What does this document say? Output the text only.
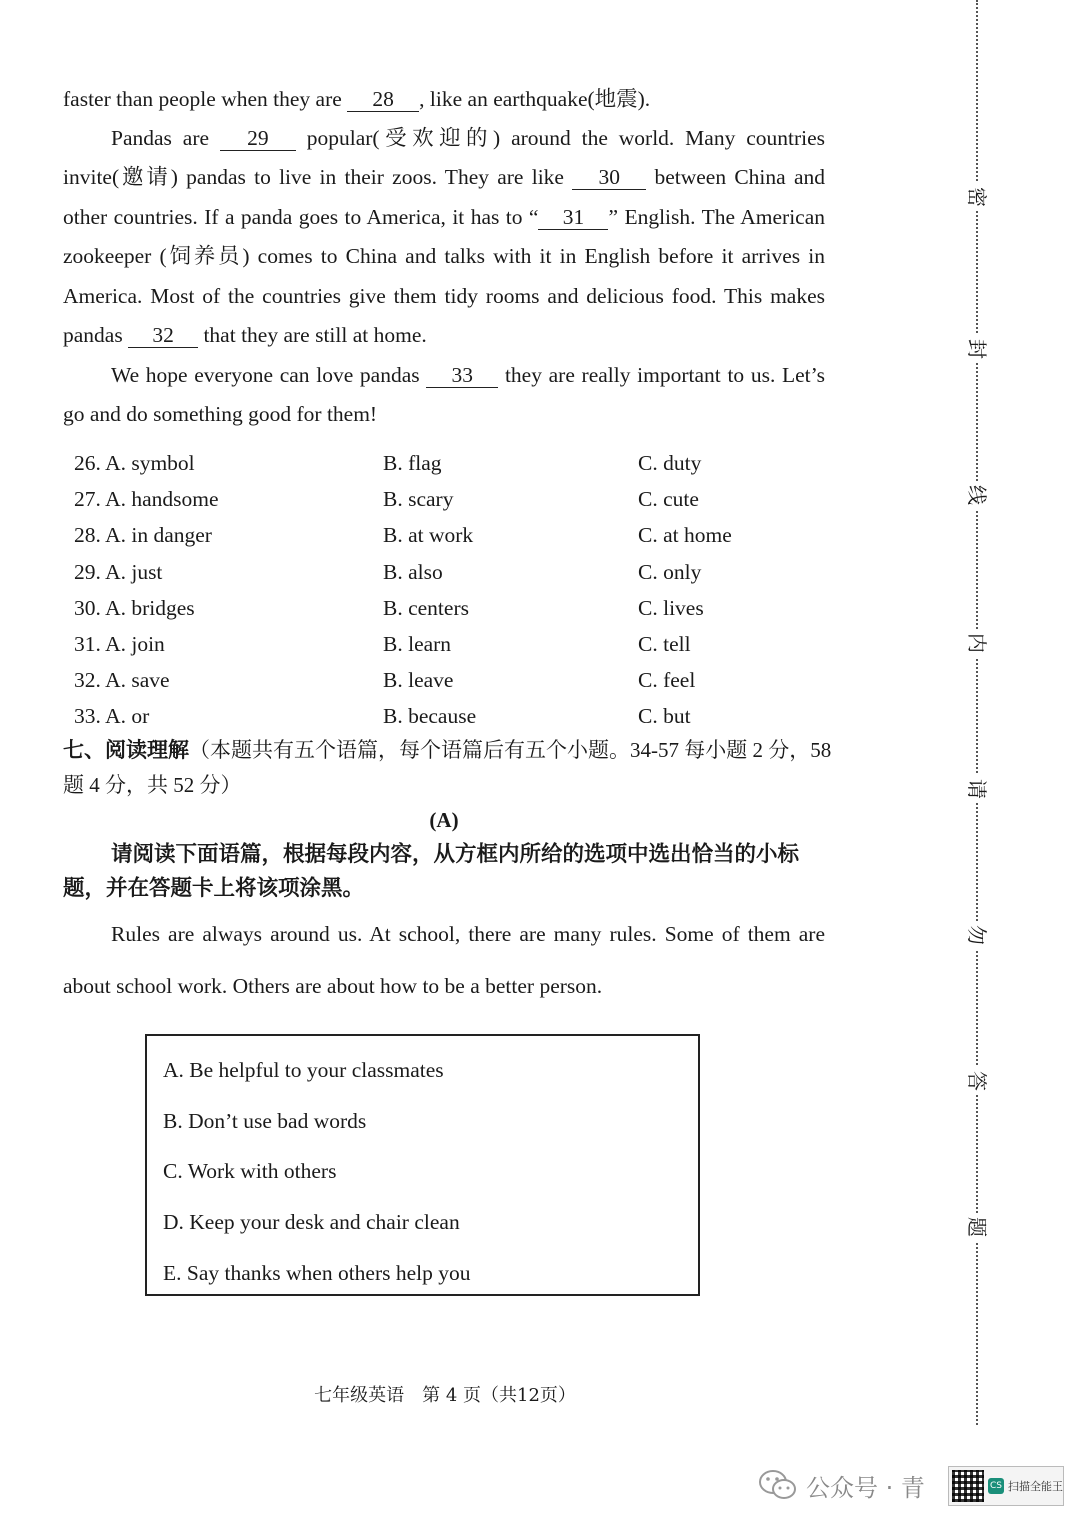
faster than people when they are 28 , like an earthquake(地震).
Pandas are 29 popular(受欢迎的) around the world. Many countries invite(邀请) pandas to live in their zoos. They are like 30 between China and other countries. If a panda goes to America, it has to “ 31 ” English. The American zookeeper (饲养员) comes to China and talks with it in English before it arrives in America. Most of the countries give them tidy rooms and delicious food. This makes pandas 32 that they are still at home.
We hope everyone can love pandas 33 they are really important to us. Let’s go and do something good for them!
26. A. symbol	B. flag	C. duty
27. A. handsome	B. scary	C. cute
28. A. in danger	B. at work	C. at home
29. A. just	B. also	C. only
30. A. bridges	B. centers	C. lives
31. A. join	B. learn	C. tell
32. A. save	B. leave	C. feel
33. A. or	B. because	C. but
七、阅读理解（本题共有五个语篇，每个语篇后有五个小题。34-57 每小题 2 分，58 题 4 分，共 52 分）
(A)
请阅读下面语篇，根据每段内容，从方框内所给的选项中选出恰当的小标题，并在答题卡上将该项涂黑。
Rules are always around us. At school, there are many rules. Some of them are about school work. Others are about how to be a better person.
A. Be helpful to your classmates
B. Don’t use bad words
C. Work with others
D. Keep your desk and chair clean
E. Say thanks when others help you
七年级英语　第 4 页（共12页）
密
封
线
内
请
勿
答
题
公众号 · 青	CS 扫描全能王
